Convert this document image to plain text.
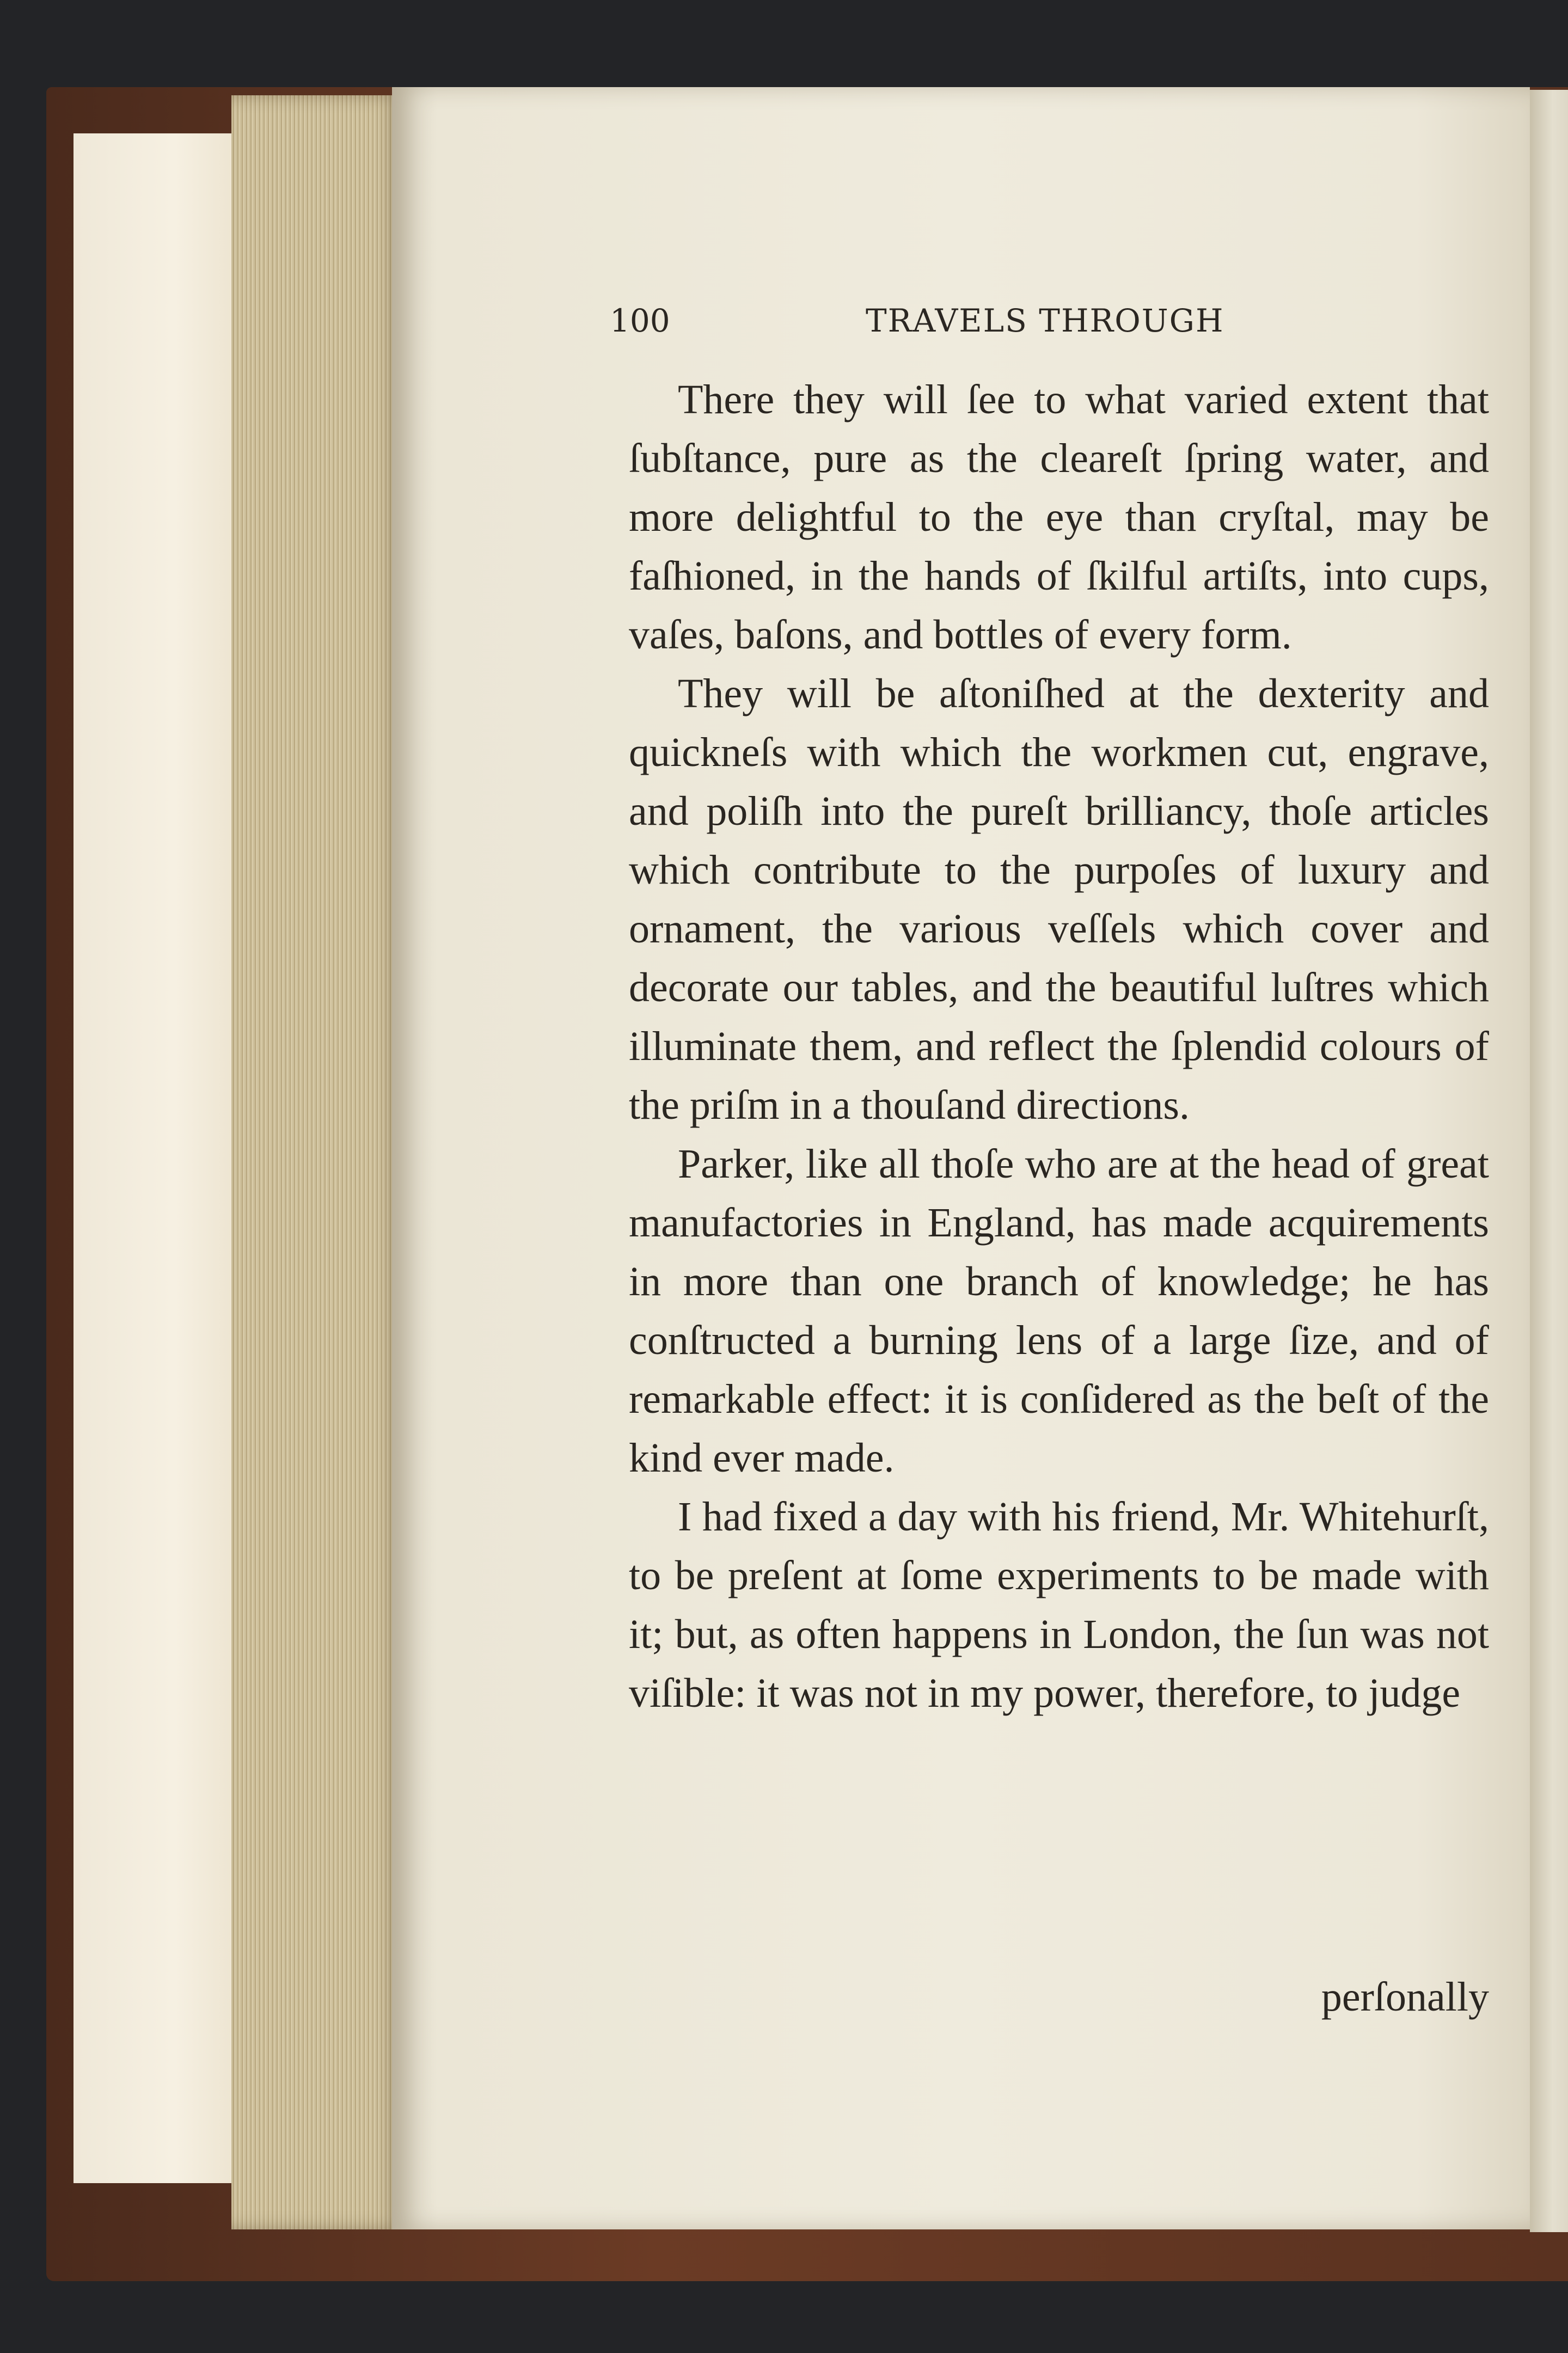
100	TRAVELS THROUGH

There they will ſee to what varied extent that ſubſtance, pure as the cleareſt ſpring water, and more delightful to the eye than cryſtal, may be faſhioned, in the hands of ſkilful artiſts, into cups, vaſes, baſons, and bottles of every form.

They will be aſtoniſhed at the dexterity and quickneſs with which the workmen cut, engrave, and poliſh into the pureſt brilliancy, thoſe articles which contribute to the purpoſes of luxury and ornament, the various veſſels which cover and decorate our tables, and the beautiful luſtres which illuminate them, and reflect the ſplendid colours of the priſm in a thouſand directions.

Parker, like all thoſe who are at the head of great manufactories in England, has made acquirements in more than one branch of knowledge; he has conſtructed a burning lens of a large ſize, and of remarkable effect: it is conſidered as the beſt of the kind ever made.

I had fixed a day with his friend, Mr. Whitehurſt, to be preſent at ſome experiments to be made with it; but, as often happens in London, the ſun was not viſible: it was not in my power, therefore, to judge

perſonally
